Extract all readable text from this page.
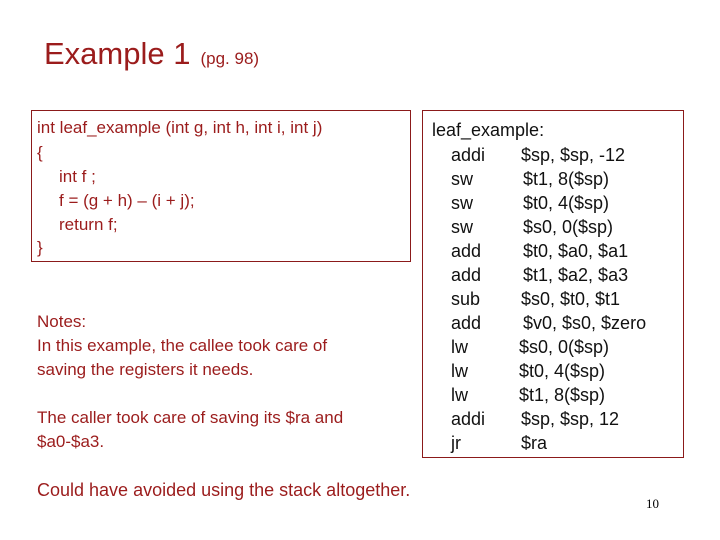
Example 1 (pg. 98)
int leaf_example (int g, int h, int i, int j)
{
int f ;
f = (g + h) – (i + j);
return f;
}
Notes:
In this example, the callee took care of
saving the registers it needs.
The caller took care of saving its $ra and
$a0-$a3.
leaf_example:
addi $sp, $sp, -12
sw	$t1, 8($sp)
sw	$t0, 4($sp)
sw	$s0, 0($sp)
add $t0, $a0, $a1
add $t1, $a2, $a3
sub $s0, $t0, $t1
add $v0, $s0, $zero
lw	$s0, 0($sp)
lw	$t0, 4($sp)
lw	$t1, 8($sp)
addi $sp, $sp, 12
jr	$ra
Could have avoided using the stack altogether.
10
